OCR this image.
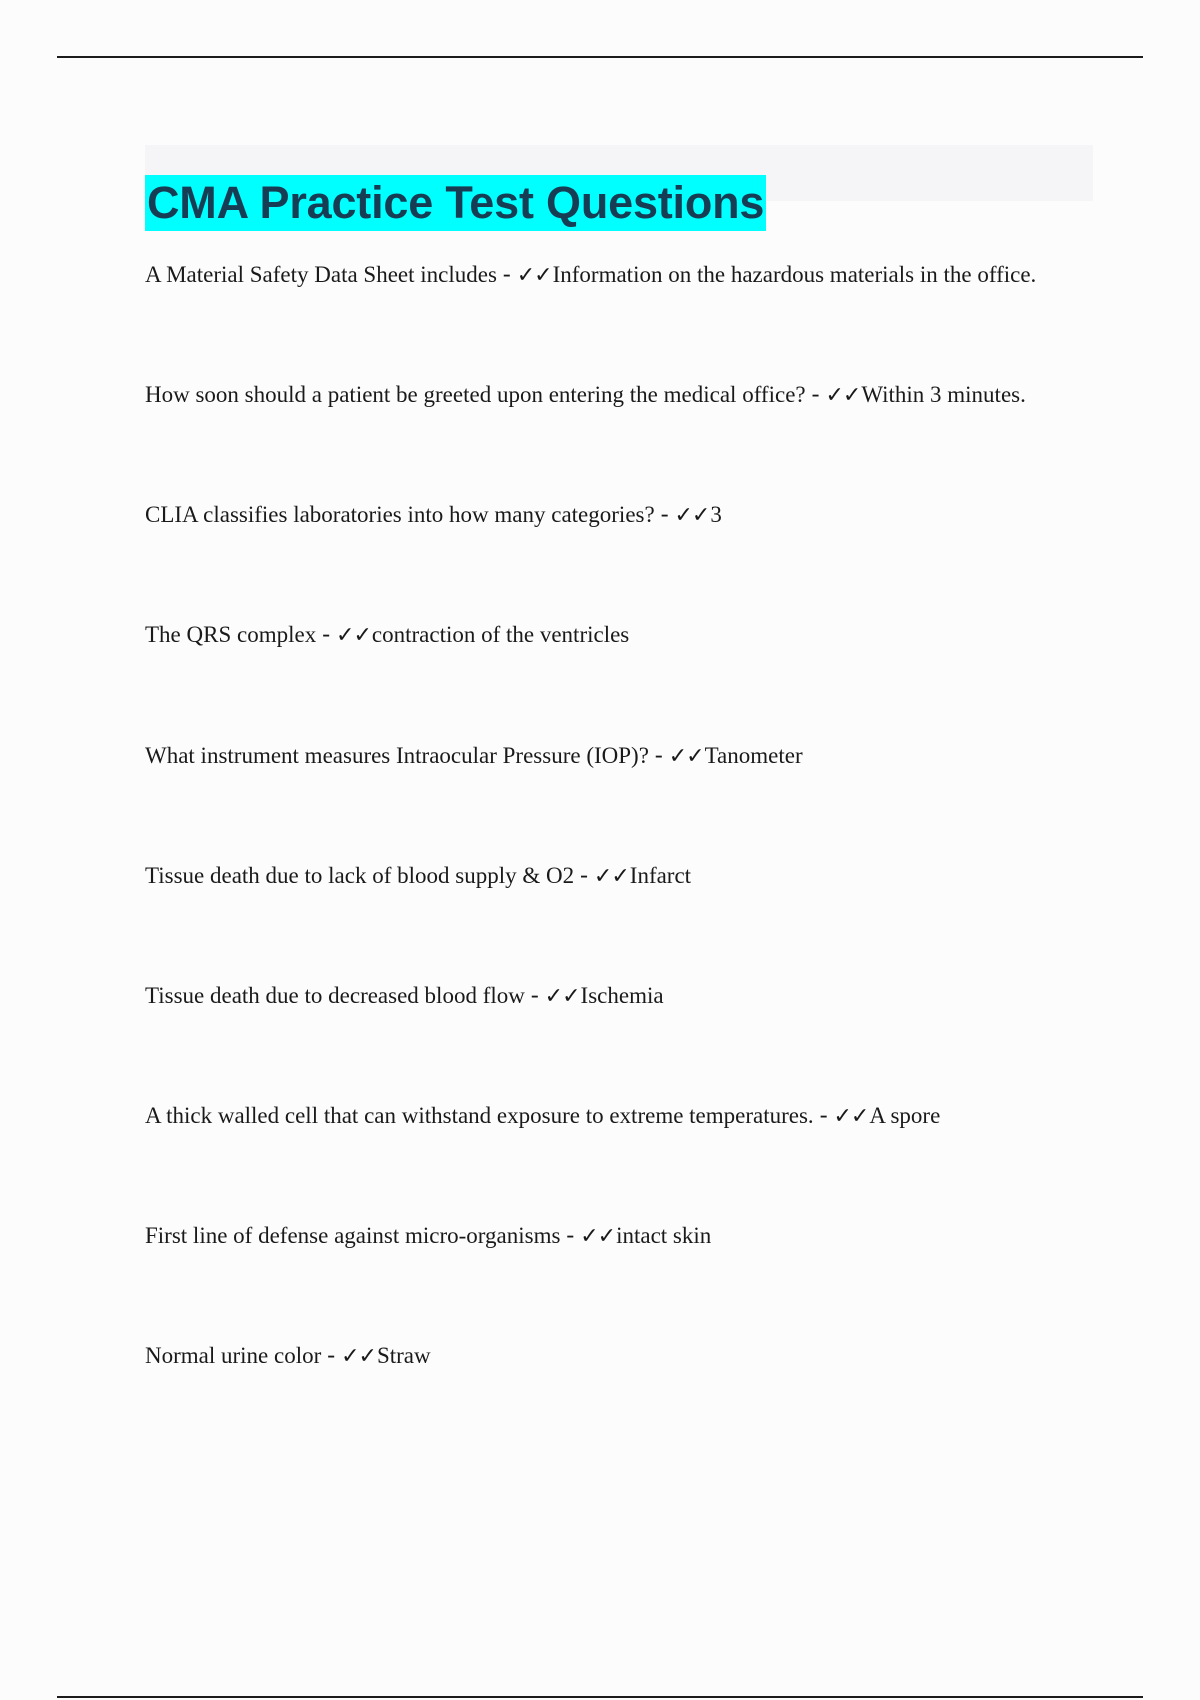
CMA Practice Test Questions
A Material Safety Data Sheet includes - ✓✓Information on the hazardous materials in the office.
How soon should a patient be greeted upon entering the medical office? - ✓✓Within 3 minutes.
CLIA classifies laboratories into how many categories? - ✓✓3
The QRS complex - ✓✓contraction of the ventricles
What instrument measures Intraocular Pressure (IOP)? - ✓✓Tanometer
Tissue death due to lack of blood supply & O2 - ✓✓Infarct
Tissue death due to decreased blood flow - ✓✓Ischemia
A thick walled cell that can withstand exposure to extreme temperatures. - ✓✓A spore
First line of defense against micro-organisms - ✓✓intact skin
Normal urine color - ✓✓Straw
